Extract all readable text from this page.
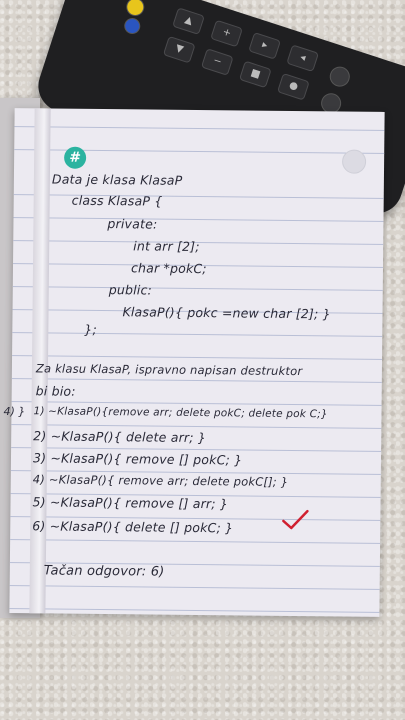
▲
+
▸
◂
▼
−
■
●
#
4) }
Data je klasa KlasaP
class KlasaP {
private:
int arr [2];
char *pokC;
public:
KlasaP(){ pokc =new char [2]; }
};
Za klasu KlasaP, ispravno napisan destruktor
bi bio:
1) ~KlasaP(){remove arr; delete pokC; delete pok C;}
2) ~KlasaP(){ delete arr; }
3) ~KlasaP(){ remove [] pokC; }
4) ~KlasaP(){ remove arr; delete pokC[]; }
5) ~KlasaP(){ remove [] arr; }
6) ~KlasaP(){ delete [] pokC; }
Tačan odgovor: 6)
